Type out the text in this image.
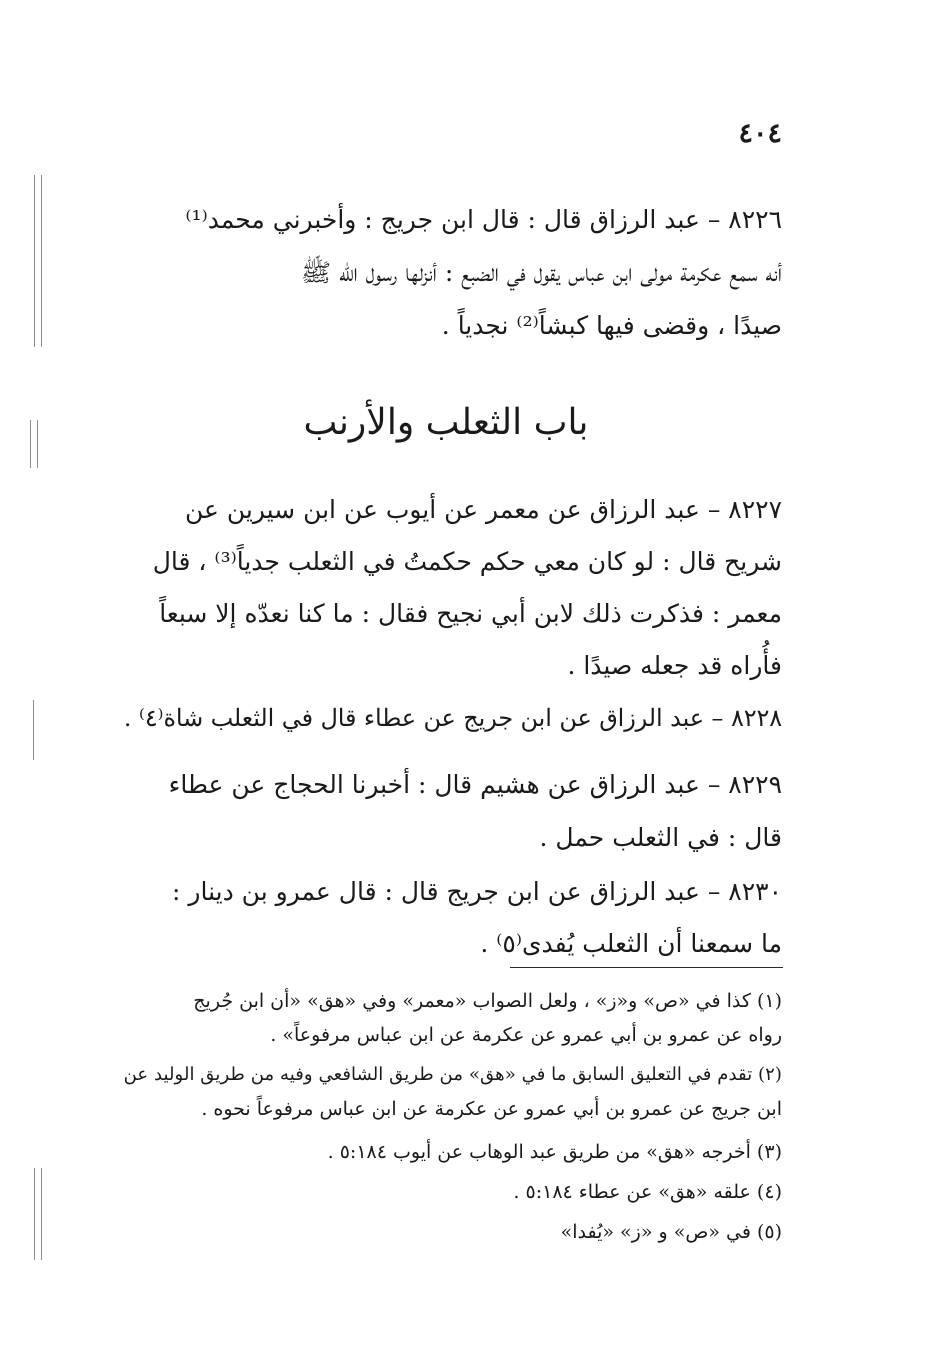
٤٠٤
٨٢٢٦ – عبد الرزاق قال : قال ابن جريج : وأخبرني محمد⁽¹⁾
أنه سمع عكرمة مولى ابن عباس يقول في الضبع : أنزلها رسول الله ﷺ
صيدًا ، وقضى فيها كبشاً⁽²⁾ نجدياً .
باب الثعلب والأرنب
٨٢٢٧ – عبد الرزاق عن معمر عن أيوب عن ابن سيرين عن
شريح قال : لو كان معي حكم حكمتُ في الثعلب جدياً⁽³⁾ ، قال
معمر : فذكرت ذلك لابن أبي نجيح فقال : ما كنا نعدّه إلا سبعاً
فأُراه قد جعله صيدًا .
٨٢٢٨ – عبد الرزاق عن ابن جريج عن عطاء قال في الثعلب شاة⁽٤⁾ .
٨٢٢٩ – عبد الرزاق عن هشيم قال : أخبرنا الحجاج عن عطاء
قال : في الثعلب حمل .
٨٢٣٠ – عبد الرزاق عن ابن جريج قال : قال عمرو بن دينار :
ما سمعنا أن الثعلب يُفدى⁽٥⁾ .
(١) كذا في «ص» و«ز» ، ولعل الصواب «معمر» وفي «هق» «أن ابن جُريج
رواه عن عمرو بن أبي عمرو عن عكرمة عن ابن عباس مرفوعاً» .
(٢) تقدم في التعليق السابق ما في «هق» من طريق الشافعي وفيه من طريق الوليد عن
ابن جريج عن عمرو بن أبي عمرو عن عكرمة عن ابن عباس مرفوعاً نحوه .
(٣) أخرجه «هق» من طريق عبد الوهاب عن أيوب ٥:١٨٤ .
(٤) علقه «هق» عن عطاء ٥:١٨٤ .
(٥) في «ص» و «ز» «يُفدا»
